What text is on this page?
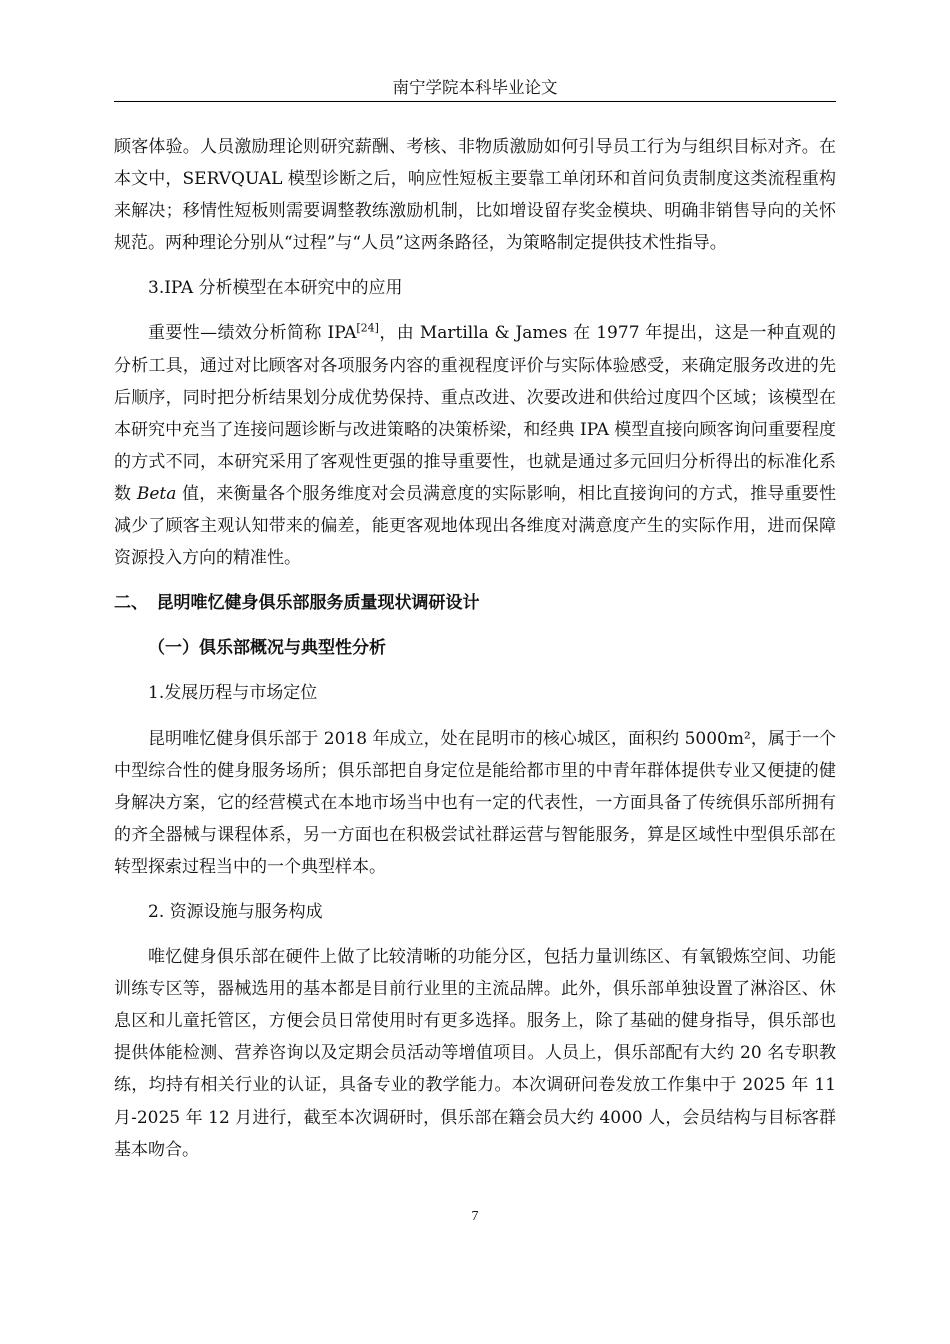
南宁学院本科毕业论文

顾客体验。人员激励理论则研究薪酬、考核、非物质激励如何引导员工行为与组织目标对齐。在本文中，SERVQUAL 模型诊断之后，响应性短板主要靠工单闭环和首问负责制度这类流程重构来解决；移情性短板则需要调整教练激励机制，比如增设留存奖金模块、明确非销售导向的关怀规范。两种理论分别从“过程”与“人员”这两条路径，为策略制定提供技术性指导。

3.IPA 分析模型在本研究中的应用

重要性—绩效分析简称 IPA[24]，由 Martilla & James 在 1977 年提出，这是一种直观的分析工具，通过对比顾客对各项服务内容的重视程度评价与实际体验感受，来确定服务改进的先后顺序，同时把分析结果划分成优势保持、重点改进、次要改进和供给过度四个区域；该模型在本研究中充当了连接问题诊断与改进策略的决策桥梁，和经典 IPA 模型直接向顾客询问重要程度的方式不同，本研究采用了客观性更强的推导重要性，也就是通过多元回归分析得出的标准化系数 Beta 值，来衡量各个服务维度对会员满意度的实际影响，相比直接询问的方式，推导重要性减少了顾客主观认知带来的偏差，能更客观地体现出各维度对满意度产生的实际作用，进而保障资源投入方向的精准性。

二、　昆明唯忆健身俱乐部服务质量现状调研设计

（一）俱乐部概况与典型性分析

1.发展历程与市场定位

昆明唯忆健身俱乐部于 2018 年成立，处在昆明市的核心城区，面积约 5000m²，属于一个中型综合性的健身服务场所；俱乐部把自身定位是能给都市里的中青年群体提供专业又便捷的健身解决方案，它的经营模式在本地市场当中也有一定的代表性，一方面具备了传统俱乐部所拥有的齐全器械与课程体系，另一方面也在积极尝试社群运营与智能服务，算是区域性中型俱乐部在转型探索过程当中的一个典型样本。

2. 资源设施与服务构成

唯忆健身俱乐部在硬件上做了比较清晰的功能分区，包括力量训练区、有氧锻炼空间、功能训练专区等，器械选用的基本都是目前行业里的主流品牌。此外，俱乐部单独设置了淋浴区、休息区和儿童托管区，方便会员日常使用时有更多选择。服务上，除了基础的健身指导，俱乐部也提供体能检测、营养咨询以及定期会员活动等增值项目。人员上，俱乐部配有大约 20 名专职教练，均持有相关行业的认证，具备专业的教学能力。本次调研问卷发放工作集中于 2025 年 11 月-2025 年 12 月进行，截至本次调研时，俱乐部在籍会员大约 4000 人，会员结构与目标客群基本吻合。

7
